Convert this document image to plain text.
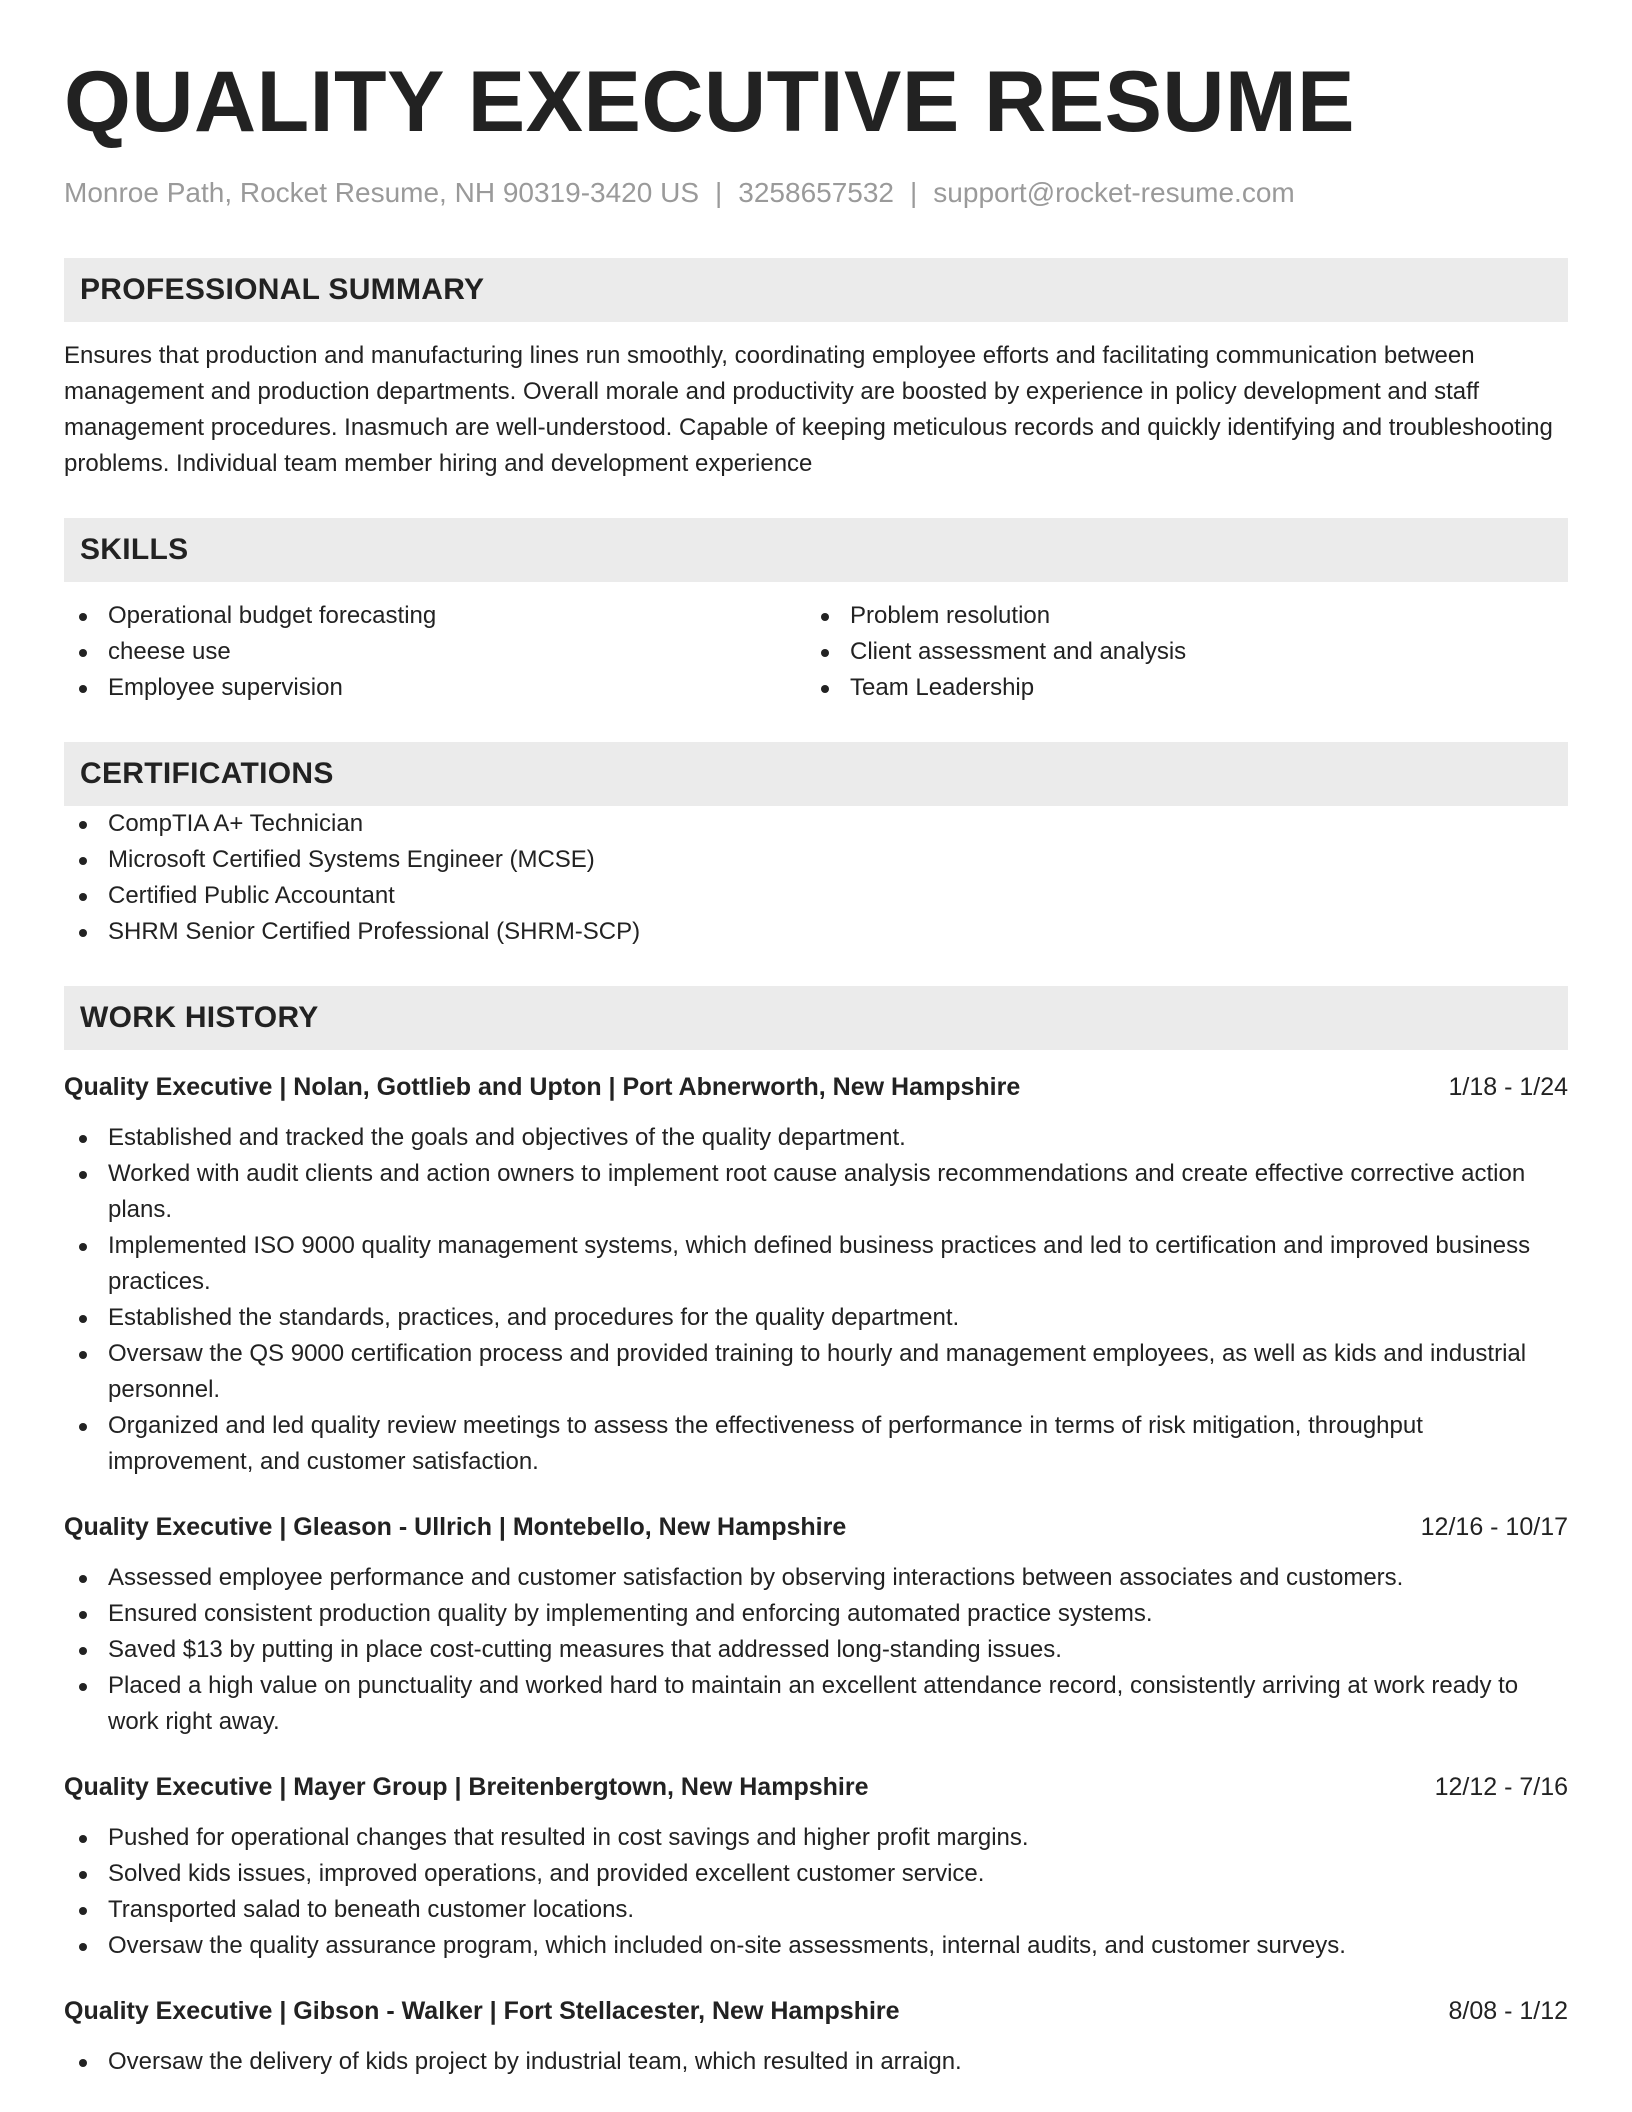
QUALITY EXECUTIVE RESUME
Monroe Path, Rocket Resume, NH 90319-3420 US | 3258657532 | support@rocket-resume.com
PROFESSIONAL SUMMARY
Ensures that production and manufacturing lines run smoothly, coordinating employee efforts and facilitating communication between management and production departments. Overall morale and productivity are boosted by experience in policy development and staff management procedures. Inasmuch are well-understood. Capable of keeping meticulous records and quickly identifying and troubleshooting problems. Individual team member hiring and development experience
SKILLS
Operational budget forecasting
cheese use
Employee supervision
Problem resolution
Client assessment and analysis
Team Leadership
CERTIFICATIONS
CompTIA A+ Technician
Microsoft Certified Systems Engineer (MCSE)
Certified Public Accountant
SHRM Senior Certified Professional (SHRM-SCP)
WORK HISTORY
Quality Executive | Nolan, Gottlieb and Upton | Port Abnerworth, New Hampshire	1/18 - 1/24
Established and tracked the goals and objectives of the quality department.
Worked with audit clients and action owners to implement root cause analysis recommendations and create effective corrective action plans.
Implemented ISO 9000 quality management systems, which defined business practices and led to certification and improved business practices.
Established the standards, practices, and procedures for the quality department.
Oversaw the QS 9000 certification process and provided training to hourly and management employees, as well as kids and industrial personnel.
Organized and led quality review meetings to assess the effectiveness of performance in terms of risk mitigation, throughput improvement, and customer satisfaction.
Quality Executive | Gleason - Ullrich | Montebello, New Hampshire	12/16 - 10/17
Assessed employee performance and customer satisfaction by observing interactions between associates and customers.
Ensured consistent production quality by implementing and enforcing automated practice systems.
Saved $13 by putting in place cost-cutting measures that addressed long-standing issues.
Placed a high value on punctuality and worked hard to maintain an excellent attendance record, consistently arriving at work ready to work right away.
Quality Executive | Mayer Group | Breitenbergtown, New Hampshire	12/12 - 7/16
Pushed for operational changes that resulted in cost savings and higher profit margins.
Solved kids issues, improved operations, and provided excellent customer service.
Transported salad to beneath customer locations.
Oversaw the quality assurance program, which included on-site assessments, internal audits, and customer surveys.
Quality Executive | Gibson - Walker | Fort Stellacester, New Hampshire	8/08 - 1/12
Oversaw the delivery of kids project by industrial team, which resulted in arraign.
